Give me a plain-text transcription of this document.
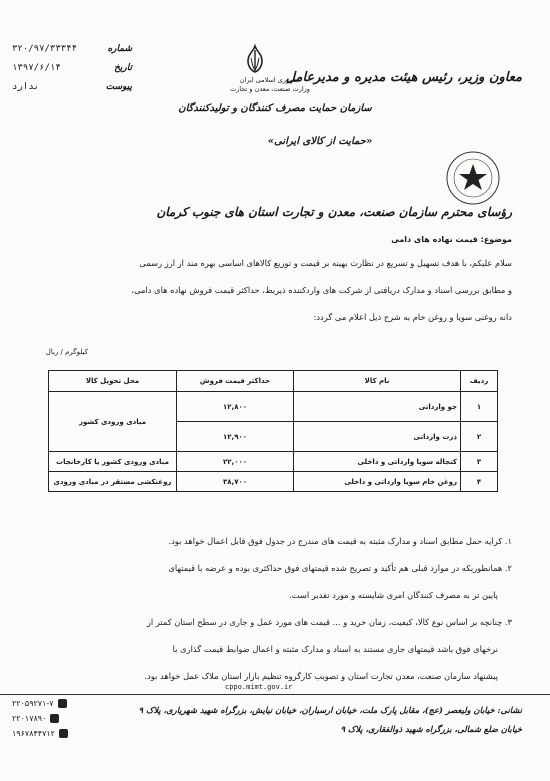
۳۲۰/۹۷/۳۳۳۴۴	شماره
۱۳۹۷/۶/۱۴	تاریخ
ندارد	پیوست
معاون وزیر، رئیس هیئت مدیره و مدیرعامل
جمهوری اسلامی ایران
وزارت صنعت، معدن و تجارت
سازمان حمایت مصرف کنندگان و تولیدکنندگان
«حمایت از کالای ایرانی»
رؤسای محترم سازمان صنعت، معدن و تجارت استان های جنوب کرمان
موضوع: قیمت نهاده های دامی
سلام علیکم، با هدف تسهیل و تسریع در نظارت بهینه بر قیمت و توزیع کالاهای اساسی بهره مند از ارز رسمی
و مطابق بررسی اسناد و مدارک دریافتی از شرکت های واردکننده ذیربط، حداکثر قیمت فروش نهاده های دامی،
دانه روغنی سویا و روغن خام به شرح ذیل اعلام می گردد:
کیلوگرم / ریال
ردیف	نام کالا	حداکثر قیمت فروش	محل تحویل کالا
۱	جو وارداتی	۱۲,۸۰۰	مبادی ورودی کشور
۲	ذرت وارداتی	۱۲,۹۰۰	
۳	کنجاله سویا وارداتی و داخلی	۲۲,۰۰۰	مبادی ورودی کشور یا کارخانجات
۴	روغن خام سویا وارداتی و داخلی	۳۸,۷۰۰	روغنکشی مستقر در مبادی ورودی
۱. کرایه حمل مطابق اسناد و مدارک مثبته به قیمت های مندرج در جدول فوق قابل اعمال خواهد بود.
۲. همانطوریکه در موارد قبلی هم تأکید و تصریح شده قیمتهای فوق حداکثری بوده و عرضه با قیمتهای
پایین تر به مصرف کنندگان امری شایسته و مورد تقدیر است.
۳. چنانچه بر اساس نوع کالا، کیفیت، زمان خرید و ... قیمت های مورد عمل و جاری در سطح استان کمتر از
نرخهای فوق باشد قیمتهای جاری مستند به اسناد و مدارک مثبته و اعمال ضوابط قیمت گذاری با
پیشنهاد سازمان صنعت، معدن تجارت استان و تصویب کارگروه تنظیم بازار استان ملاک عمل خواهد بود.
cppo.mimt.gov.ir
۲۲۰۵۹۲۷۱-۷
۲۲۰۱۷۸۹۰
۱۹۶۷۸۴۴۷۱۲
نشانی: خیابان ولیعصر (عج)، مقابل پارک ملت، خیابان ارسباران، خیابان نیایش، بزرگراه شهید شهریاری، پلاک ۹
خیابان ضلع شمالی، بزرگراه شهید ذوالفقاری، پلاک ۹
